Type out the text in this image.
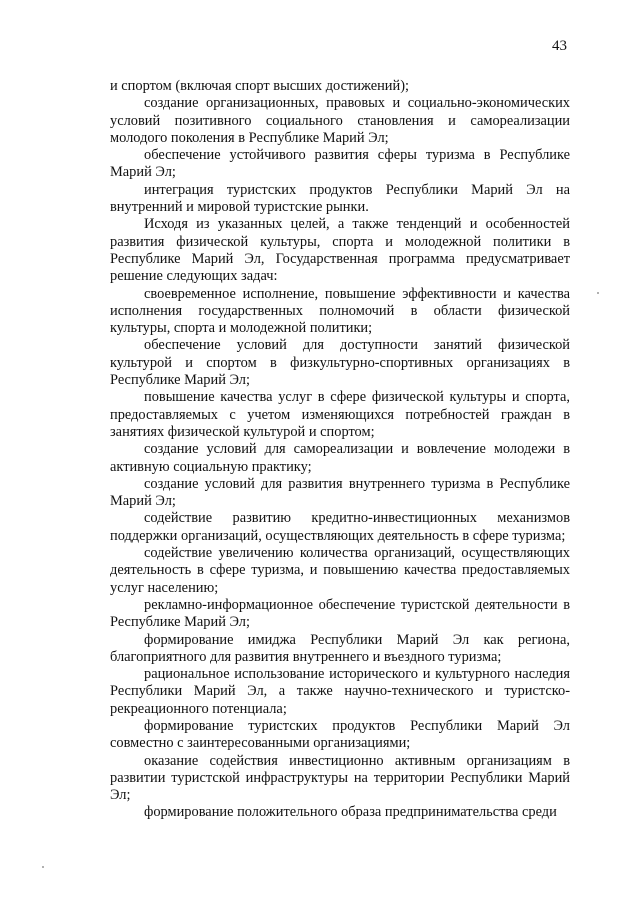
43

и спортом (включая спорт высших достижений);

создание организационных, правовых и социально-экономических условий позитивного социального становления и самореализации молодого поколения в Республике Марий Эл;

обеспечение устойчивого развития сферы туризма в Республике Марий Эл;

интеграция туристских продуктов Республики Марий Эл на внутренний и мировой туристские рынки.

Исходя из указанных целей, а также тенденций и особенностей развития физической культуры, спорта и молодежной политики в Республике Марий Эл, Государственная программа предусматривает решение следующих задач:

своевременное исполнение, повышение эффективности и качества исполнения государственных полномочий в области физической культуры, спорта и молодежной политики;

обеспечение условий для доступности занятий физической культурой и спортом в физкультурно-спортивных организациях в Республике Марий Эл;

повышение качества услуг в сфере физической культуры и спорта, предоставляемых с учетом изменяющихся потребностей граждан в занятиях физической культурой и спортом;

создание условий для самореализации и вовлечение молодежи в активную социальную практику;

создание условий для развития внутреннего туризма в Республике Марий Эл;

содействие развитию кредитно-инвестиционных механизмов поддержки организаций, осуществляющих деятельность в сфере туризма;

содействие увеличению количества организаций, осуществляющих деятельность в сфере туризма, и повышению качества предоставляемых услуг населению;

рекламно-информационное обеспечение туристской деятельности в Республике Марий Эл;

формирование имиджа Республики Марий Эл как региона, благоприятного для развития внутреннего и въездного туризма;

рациональное использование исторического и культурного наследия Республики Марий Эл, а также научно-технического и туристско-рекреационного потенциала;

формирование туристских продуктов Республики Марий Эл совместно с заинтересованными организациями;

оказание содействия инвестиционно активным организациям в развитии туристской инфраструктуры на территории Республики Марий Эл;

формирование положительного образа предпринимательства среди
